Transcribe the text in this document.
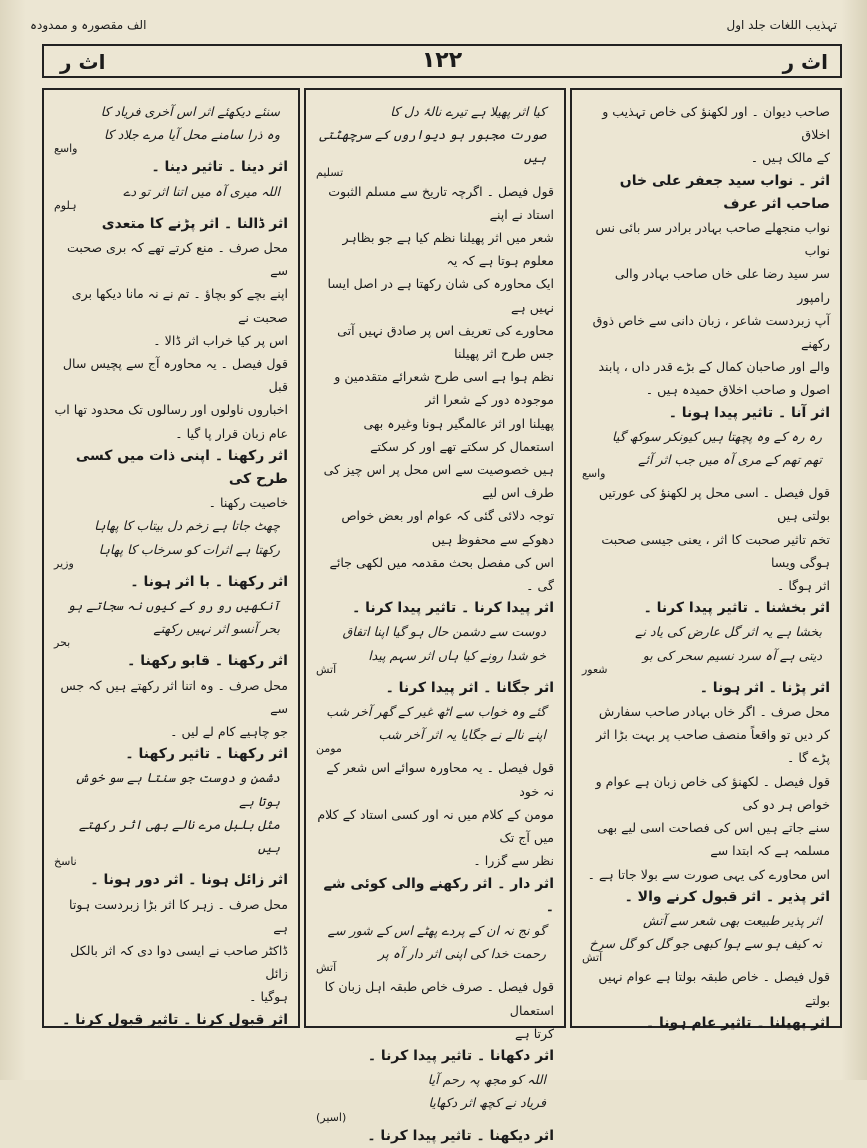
تہذیب اللغات جلد اول
الف مقصورہ و ممدودہ
اث ر
۱۲۲
اث ر

صاحب دیوان ۔ اور لکھنؤ کی خاص تہذیب و اخلاق

کے مالک ہیں ۔

اثر ۔ نواب سید جعفر علی خاں صاحب اثر عرف

نواب منجھلے صاحب بہادر برادر سر بائی نس نواب

سر سید رضا علی خاں صاحب بہادر والی رامپور

آپ زبردست شاعر ، زبان دانی سے خاص ذوق رکھنے

والے اور صاحبان کمال کے بڑے قدر داں ، پابند

اصول و صاحب اخلاق حمیدہ ہیں ۔

اثر آنا ۔ تاثیر پیدا ہونا ۔

رہ رہ کے وہ پچھتا ہیں کیونکر سوکھ گیا

تھم تھم کے مری آہ میں جب اثر آئے

واسع

قول فیصل ۔ اسی محل پر لکھنؤ کی عورتیں بولتی ہیں

تخم تاثیر صحبت کا اثر ، یعنی جیسی صحبت ہوگی ویسا

اثر ہوگا ۔

اثر بخشنا ۔ تاثیر پیدا کرنا ۔

بخشا ہے یہ اثر گل عارض کی یاد نے

دیتی ہے آہ سرد نسیم سحر کی بو

شعور

اثر پڑنا ۔ اثر ہونا ۔

محل صرف ۔ اگر خاں بہادر صاحب سفارش

کر دیں تو واقعاً منصف صاحب پر بہت بڑا اثر

پڑے گا ۔

قول فیصل ۔ لکھنؤ کی خاص زبان ہے عوام و خواص ہر دو کی

سنے جاتے ہیں اس کی فصاحت اسی لیے بھی مسلمہ ہے کہ ابتدا سے

اس محاورے کی یہی صورت سے بولا جاتا ہے ۔

اثر پذیر ۔ اثر قبول کرنے والا ۔

اثر پذیر طبیعت بھی شعر سے آتش

نہ کیف ہو سے ہوا کبھی جو گل کو گل سرخ

آتش

قول فیصل ۔ خاص طبقہ بولتا ہے عوام نہیں بولتے

اثر پھیلنا ۔ تاثیر عام ہونا ۔

کیا اثر پھیلا ہے تیرے نالۂ دل کا

صورت مجبور ہو دیواروں کے سرچھٹتی ہیں

تسلیم

قول فیصل ۔ اگرچہ تاریخ سے مسلم الثبوت استاد نے اپنے

شعر میں اثر پھیلنا نظم کیا ہے جو بظاہر معلوم ہوتا ہے کہ یہ

ایک محاورہ کی شان رکھتا ہے در اصل ایسا نہیں ہے

محاورے کی تعریف اس پر صادق نہیں آتی جس طرح اثر پھیلنا

نظم ہوا ہے اسی طرح شعرائے متقدمین و موجودہ دور کے شعرا اثر

پھیلنا اور اثر عالمگیر ہونا وغیرہ بھی استعمال کر سکتے تھے اور کر سکتے

ہیں خصوصیت سے اس محل پر اس چیز کی طرف اس لیے

توجہ دلائی گئی کہ عوام اور بعض خواص دھوکے سے محفوظ ہیں

اس کی مفصل بحث مقدمہ میں لکھی جائے گی ۔

اثر پیدا کرنا ۔ تاثیر پیدا کرنا ۔

دوست سے دشمن حال ہو گیا اپنا اتفاق

خو شدا رونے کیا ہاں اثر سہم پیدا

آتش

اثر جگانا ۔ اثر پیدا کرنا ۔

گئے وہ خواب سے اٹھ غیر کے گھر آخر شب

اپنے نالے نے جگایا یہ اثر آخر شب

مومن

قول فیصل ۔ یہ محاورہ سوائے اس شعر کے نہ خود

مومن کے کلام میں نہ اور کسی استاد کے کلام میں آج تک

نظر سے گزرا ۔

اثر دار ۔ اثر رکھنے والی کوئی شے ۔

گو نج نہ ان کے پردے پھٹے اس کے شور سے

رحمت خدا کی اپنی اثر دار آہ پر

آتش

قول فیصل ۔ صرف خاص طبقہ اہل زبان کا استعمال

کرتا ہے

اثر دکھانا ۔ تاثیر پیدا کرنا ۔

اللہ کو مجھ پہ رحم آیا

فریاد نے کچھ اثر دکھایا

(اسیر)

اثر دیکھنا ۔ تاثیر پیدا کرنا ۔

سنئے دیکھئے اثر اس آخری فریاد کا

وہ ذرا سامنے محل آیا مرے جلاد کا

واسع

اثر دینا ۔ تاثیر دینا ۔

اللہ میری آہ میں اتنا اثر تو دے

ہلوم

اثر ڈالنا ۔ اثر پڑنے کا متعدی

محل صرف ۔ منع کرتے تھے کہ بری صحبت سے

اپنے بچے کو بچاؤ ۔ تم نے نہ مانا دیکھا بری صحبت نے

اس پر کیا خراب اثر ڈالا ۔

قول فیصل ۔ یہ محاورہ آج سے پچیس سال قبل

اخباروں ناولوں اور رسالوں تک محدود تھا اب

عام زبان قرار پا گیا ۔

اثر رکھنا ۔ اپنی ذات میں کسی طرح کی

خاصیت رکھنا ۔

چھٹ جاتا ہے زخم دل بیتاب کا پھاہا

رکھتا ہے اثرات کو سرخاب کا پھاہا

وزیر

اثر رکھنا ۔ با اثر ہونا ۔

آنکھیں رو رو کے کیوں نہ سجاتے ہو

بحر آنسو اثر نہیں رکھتے

بحر

اثر رکھنا ۔ قابو رکھنا ۔

محل صرف ۔ وہ اتنا اثر رکھتے ہیں کہ جس سے

جو چاہیے کام لے لیں ۔

اثر رکھنا ۔ تاثیر رکھنا ۔

دشمن و دوست جو سنتا ہے سو خوش ہوتا ہے

مثل بلبل مرے نالے بھی اثر رکھتے ہیں

ناسخ

اثر زائل ہونا ۔ اثر دور ہونا ۔

محل صرف ۔ زہر کا اثر بڑا زبردست ہوتا ہے

ڈاکٹر صاحب نے ایسی دوا دی کہ اثر بالکل زائل

ہوگیا ۔

اثر قبول کرنا ۔ تاثیر قبول کرنا ۔
